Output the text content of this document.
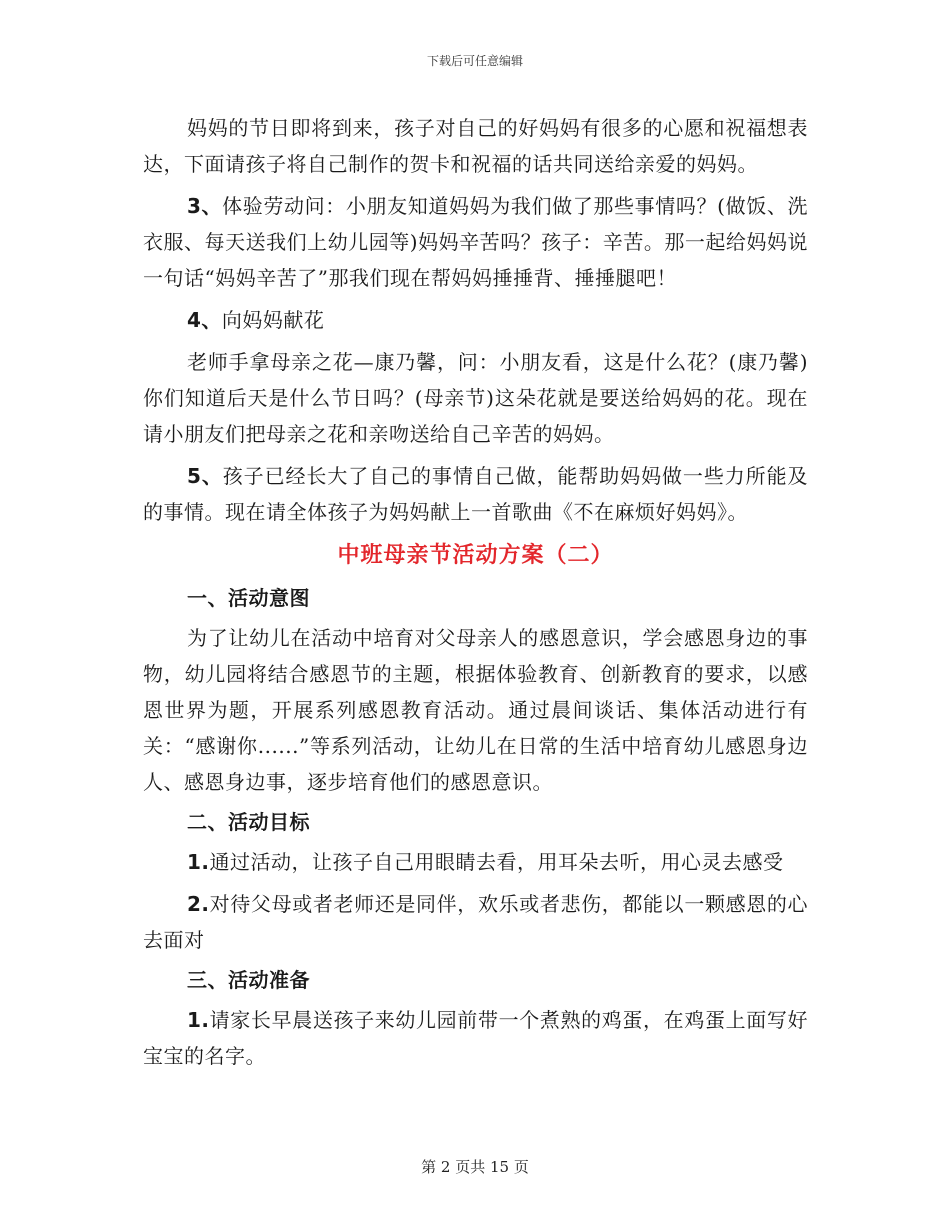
下载后可任意编辑

妈妈的节日即将到来，孩子对自己的好妈妈有很多的心愿和祝福想表达，下面请孩子将自己制作的贺卡和祝福的话共同送给亲爱的妈妈。

3、体验劳动问：小朋友知道妈妈为我们做了那些事情吗？(做饭、洗衣服、每天送我们上幼儿园等)妈妈辛苦吗？孩子：辛苦。那一起给妈妈说一句话“妈妈辛苦了”那我们现在帮妈妈捶捶背、捶捶腿吧！

4、向妈妈献花

老师手拿母亲之花—康乃馨，问：小朋友看，这是什么花？(康乃馨)你们知道后天是什么节日吗？(母亲节)这朵花就是要送给妈妈的花。现在请小朋友们把母亲之花和亲吻送给自己辛苦的妈妈。

5、孩子已经长大了自己的事情自己做，能帮助妈妈做一些力所能及的事情。现在请全体孩子为妈妈献上一首歌曲《不在麻烦好妈妈》。

中班母亲节活动方案（二）

一、活动意图

为了让幼儿在活动中培育对父母亲人的感恩意识，学会感恩身边的事物，幼儿园将结合感恩节的主题，根据体验教育、创新教育的要求，以感恩世界为题，开展系列感恩教育活动。通过晨间谈话、集体活动进行有关：“感谢你......”等系列活动，让幼儿在日常的生活中培育幼儿感恩身边人、感恩身边事，逐步培育他们的感恩意识。

二、活动目标

1.通过活动，让孩子自己用眼睛去看，用耳朵去听，用心灵去感受

2.对待父母或者老师还是同伴，欢乐或者悲伤，都能以一颗感恩的心去面对

三、活动准备

1.请家长早晨送孩子来幼儿园前带一个煮熟的鸡蛋，在鸡蛋上面写好宝宝的名字。

第 2 页共 15 页
